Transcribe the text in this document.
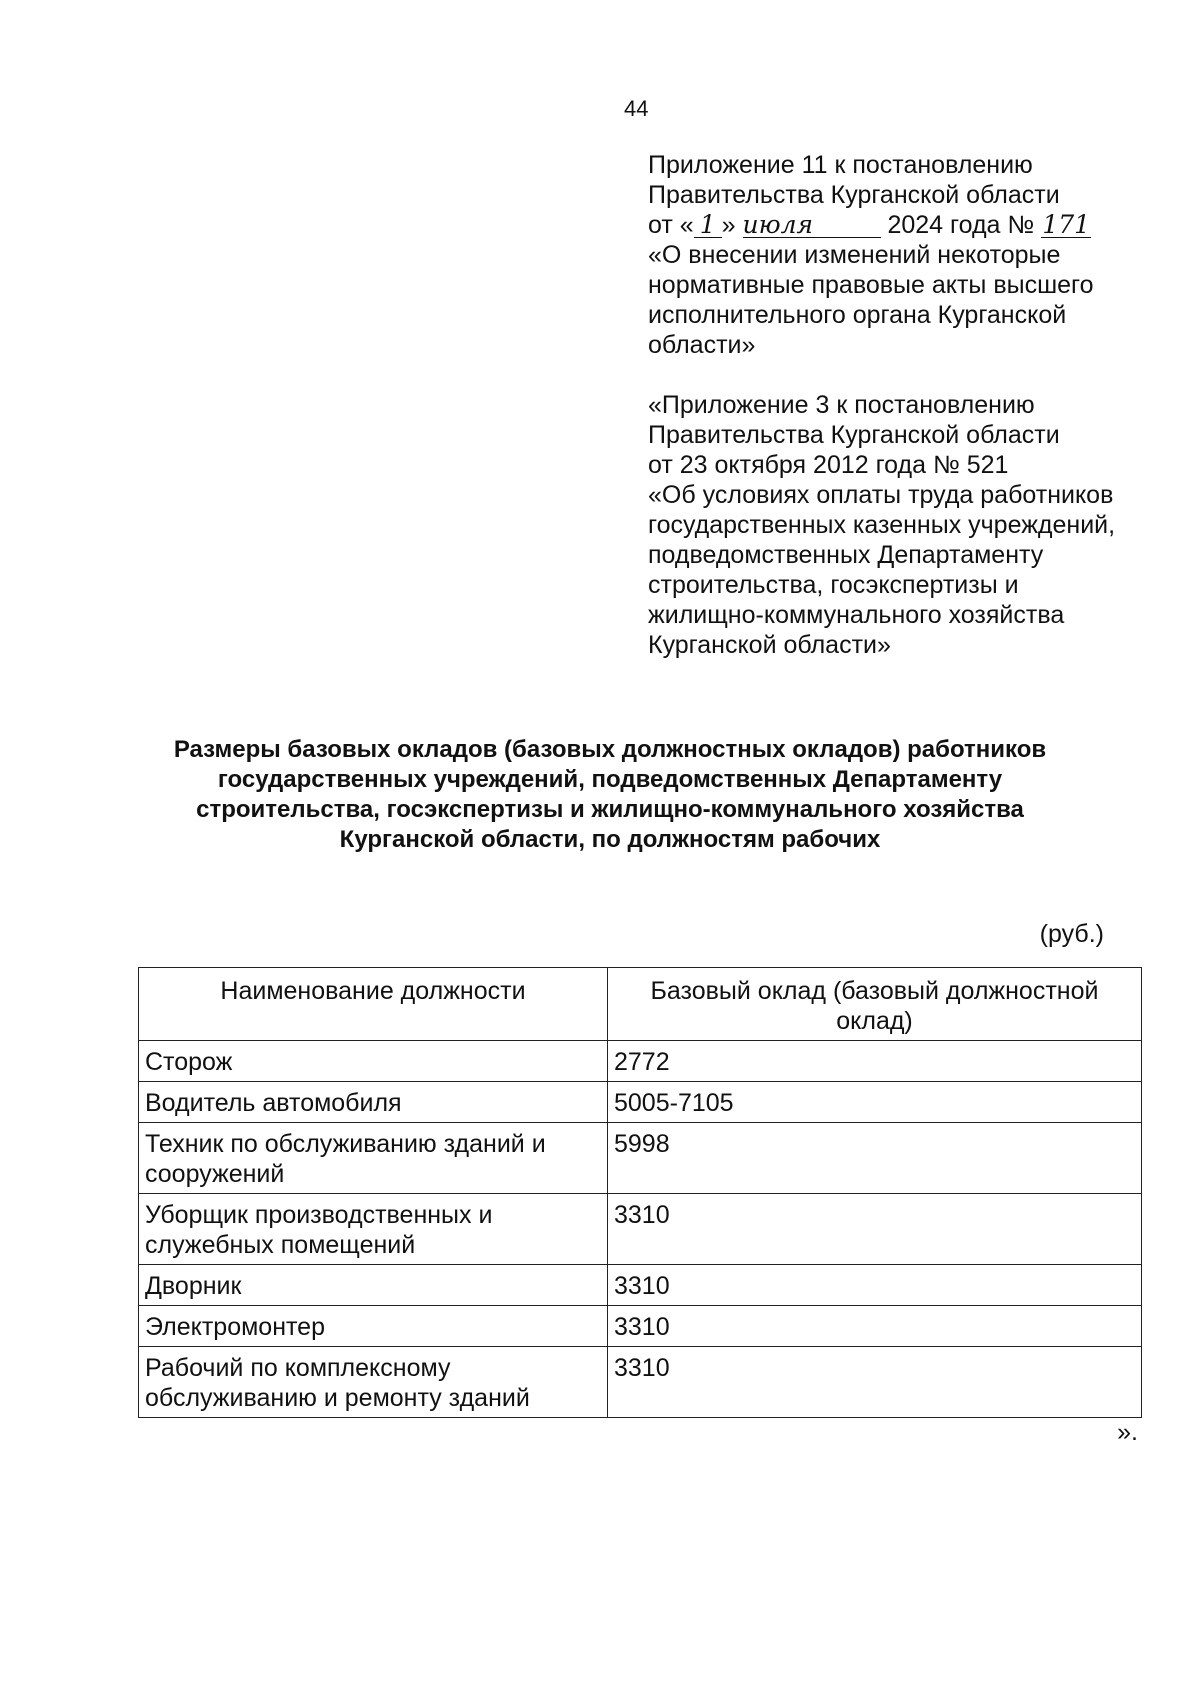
44
Приложение 11 к постановлению
Правительства Курганской области
от « 1 » июля	2024 года № 171
«О внесении изменений некоторые
нормативные правовые акты высшего
исполнительного органа Курганской
области»
«Приложение 3 к постановлению
Правительства Курганской области
от 23 октября 2012 года № 521
«Об условиях оплаты труда работников
государственных казенных учреждений,
подведомственных Департаменту
строительства, госэкспертизы и
жилищно-коммунального хозяйства
Курганской области»
Размеры базовых окладов (базовых должностных окладов) работников
государственных учреждений, подведомственных Департаменту
строительства, госэкспертизы и жилищно-коммунального хозяйства
Курганской области, по должностям рабочих
(руб.)
Наименование должности	Базовый оклад (базовый должностной оклад)
Сторож	2772
Водитель автомобиля	5005-7105
Техник по обслуживанию зданий и сооружений	5998
Уборщик производственных и служебных помещений	3310
Дворник	3310
Электромонтер	3310
Рабочий по комплексному обслуживанию и ремонту зданий	3310
».
